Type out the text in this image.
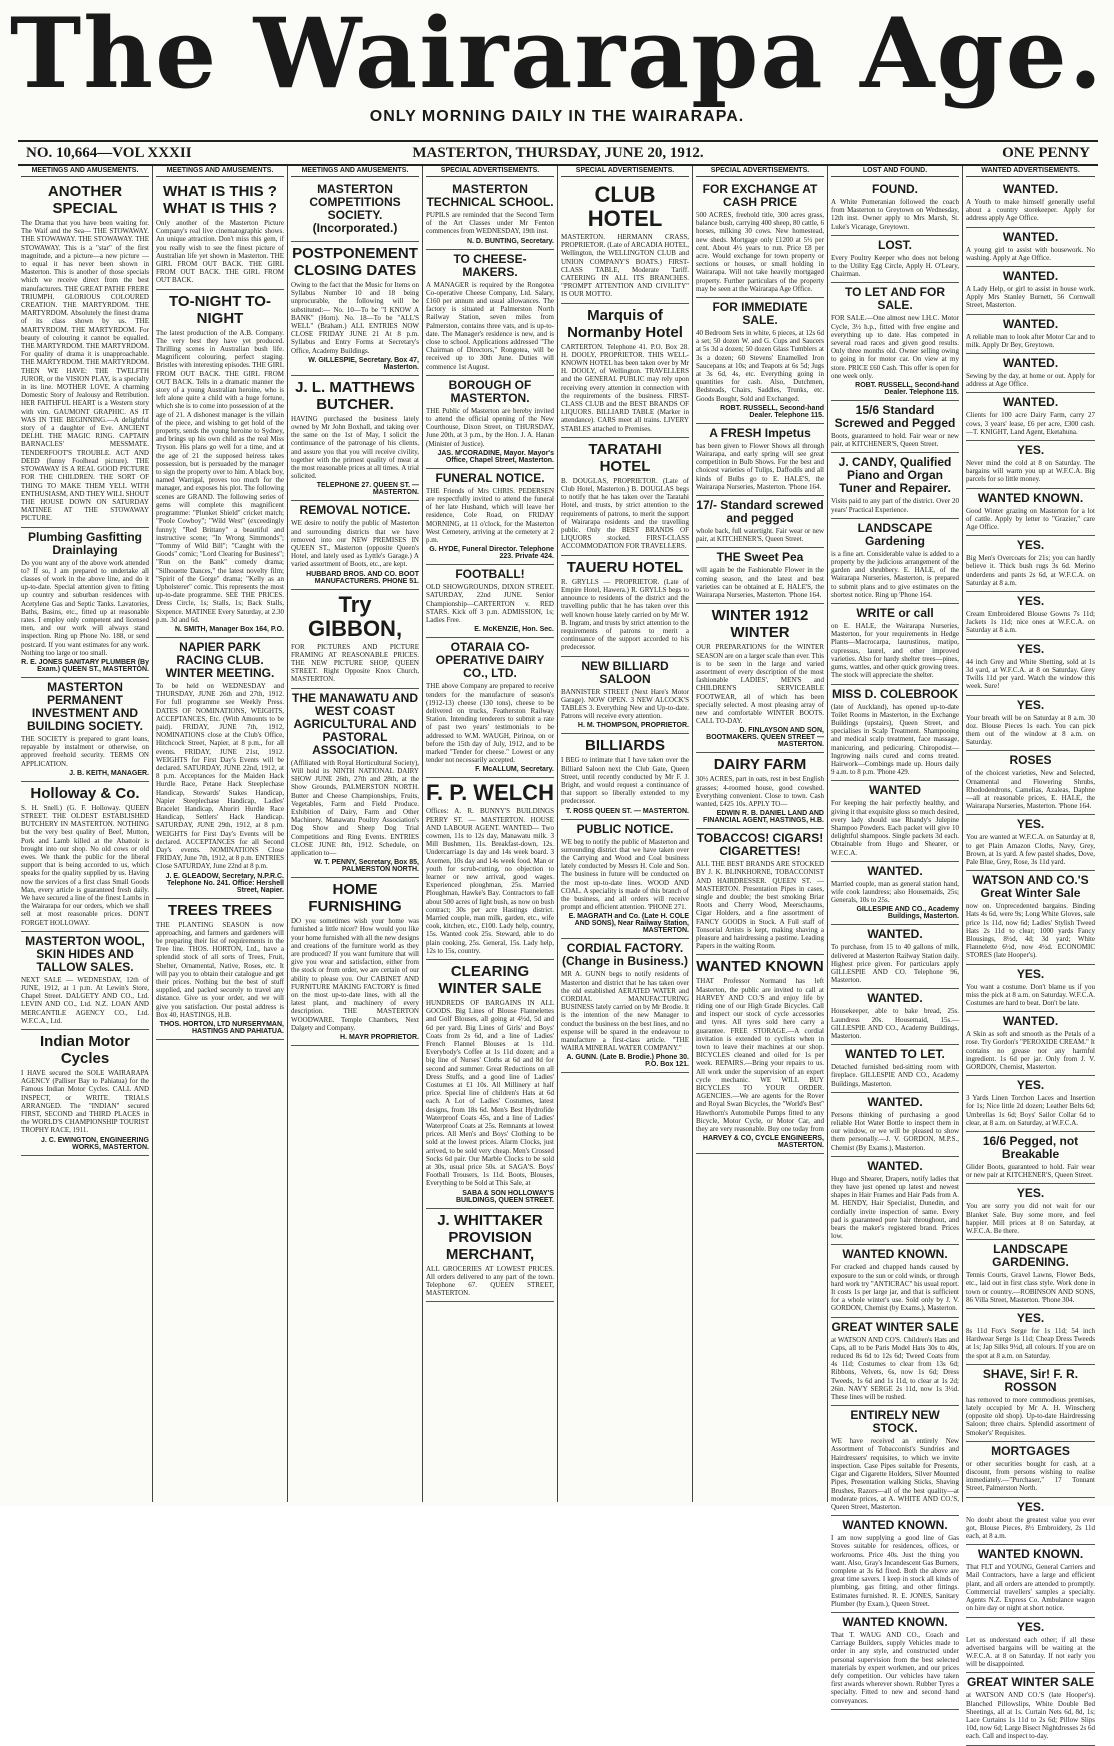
The Wairarapa Age.
ONLY MORNING DAILY IN THE WAIRARAPA.
MASTERTON, THURSDAY, JUNE 20, 1912.
NO. 10,664—VOL XXXII	ONE PENNY
MEETINGS AND AMUSEMENTS.
ANOTHER SPECIAL

The Drama that you have been waiting for. The Waif and the Sea— THE STOWAWAY. THE STOWAWAY. THE STOWAWAY. THE STOWAWAY. This is a "star" of the first magnitude, and a picture—a new picture —to equal it has never been shown in Masterton. This is another of those specials which we receive direct from the best manufacturers. THE GREAT PATHE FRERE TRIUMPH. GLORIOUS COLOURED CREATION. THE MARTYRDOM. THE MARTYRDOM. Absolutely the finest drama of its class shown by us. THE MARTYRDOM. THE MARTYRDOM. For beauty of colouring it cannot be equalled. THE MARTYRDOM. THE MARTYRDOM. For quality of drama it is unapproachable. THE MARTYRDOM. THE MARTYRDOM. THEN WE HAVE: THE TWELFTH JUROR, or the VISION PLAY, is a specialty in its line. MOTHER LOVE. A charming Domestic Story of Jealousy and Retribution. HER FAITHFUL HEART is a Western story with vim. GAUMONT GRAPHIC. AS IT WAS IN THE BEGINNING.—A delightful story of a daughter of Eve. ANCIENT DELHI. THE MAGIC RING. CAPTAIN BARNACLES' MESSMATE. TENDERFOOT'S TROUBLE. ACT AND DEED (funny Foolhead picture). THE STOWAWAY IS A REAL GOOD PICTURE FOR THE CHILDREN. THE SORT OF THING TO MAKE THEM YELL WITH ENTHUSIASM, AND THEY WILL SHOUT THE HOUSE DOWN ON SATURDAY MATINEE AT THE STOWAWAY PICTURE.

Plumbing Gasfitting Drainlaying

Do you want any of the above work attended to? If so, I am prepared to undertake all classes of work in the above line, and do it up-to-date. Special attention given to fitting up country and suburban residences with Acetylene Gas and Septic Tanks. Lavatories, Baths, Basins, etc., fitted up at reasonable rates. I employ only competent and licensed men, and our work will always stand inspection. Ring up Phone No. 188, or send postcard. If you want estimates for any work. Nothing too large or too small.

R. E. JONES SANITARY PLUMBER (By Exam.) QUEEN ST., MASTERTON.
MASTERTON PERMANENT INVESTMENT AND BUILDING SOCIETY.

THE SOCIETY is prepared to grant loans, repayable by instalment or otherwise, on approved freehold security. TERMS ON APPLICATION.

J. B. KEITH, MANAGER.
Holloway & Co.

S. H. Snell.) (G. F. Holloway. QUEEN STREET. THE OLDEST ESTABLISHED BUTCHERY IN MASTERTON. NOTHING but the very best quality of Beef, Mutton, Pork and Lamb killed at the Abattoir is brought into our shop. No old cows or old ewes. We thank the public for the liberal support that is being accorded to us, which speaks for the quality supplied by us. Having now the services of a first class Small Goods Man, every article is guaranteed fresh daily. We have secured a line of the finest Lambs in the Wairarapa for our orders, which we shall sell at most reasonable prices. DON'T FORGET HOLLOWAY.

MASTERTON WOOL, SKIN HIDES AND TALLOW SALES.

NEXT SALE — WEDNESDAY, 12th of JUNE, 1912, at 1 p.m. At Lewin's Store, Chapel Street. DALGETY AND CO., Ltd. LEVIN AND CO., Ltd. N.Z. LOAN AND MERCANTILE AGENCY CO., Ltd. W.F.C.A., Ltd.

Indian Motor Cycles

I HAVE secured the SOLE WAIRARAPA AGENCY (Palliser Bay to Pahiatua) for the Famous Indian Motor Cycles. CALL AND INSPECT, or WRITE. TRIALS ARRANGED. The "INDIAN" secured FIRST, SECOND and THIRD PLACES in the WORLD'S CHAMPIONSHIP TOURIST TROPHY RACE, 1911.

J. C. EWINGTON, ENGINEERING WORKS, MASTERTON.
MEETINGS AND AMUSEMENTS.
WHAT IS THIS ? WHAT IS THIS ?

Only another of the Masterton Picture Company's real live cinematographic shows. An unique attraction. Don't miss this gem, if you really wish to see the finest picture of Australian life yet shown in Masterton. THE GIRL FROM OUT BACK. THE GIRL FROM OUT BACK. THE GIRL FROM OUT BACK.

TO-NIGHT TO-NIGHT

The latest production of the A.B. Company. The very best they have yet produced. Thrilling scenes in Australian bush life. Magnificent colouring, perfect staging. Bristles with interesting episodes. THE GIRL FROM OUT BACK. THE GIRL FROM OUT BACK. Tells in a dramatic manner the story of a young Australian heroine, who is left alone quite a child with a huge fortune, which she is to come into possession of at the age of 21. A dishonest manager is the villain of the piece, and wishing to get hold of the property, sends the young heroine to Sydney, and brings up his own child as the real Miss Tryson. His plans go well for a time, and at the age of 21 the supposed heiress takes possession, but is persuaded by the manager to sign the property over to him. A black boy, named Warrigal, proves too much for the manager, and exposes his plot. The following scenes are GRAND. The following series of gems will complete this magnificent programme: "Plunket Shield" cricket match; "Poole Cowboy"; "Wild West" (exceedingly funny); "Red Brittany" a beautiful and instructive scene; "In Wrong Simmonds"; "Tommy of Wild Bill"; "Caught with the Goods" comic; "Lord Clearing for Business"; "Run on the Bank" comedy drama; "Silhouette Dances," the latest novelty film; "Spirit of the Gorge" drama; "Kelly as an Upholsterer" comic. This represents the most up-to-date programme. SEE THE PRICES. Dress Circle, 1s; Stalls, 1s; Back Stalls, Sixpence. MATINEE Every Saturday, at 2.30 p.m. 3d and 6d.

N. SMITH, Manager Box 164, P.O.
NAPIER PARK RACING CLUB. WINTER MEETING.

To be held on WEDNESDAY and THURSDAY, JUNE 26th and 27th, 1912. For full programme see Weekly Press. DATES OF NOMINATIONS, WEIGHTS, ACCEPTANCES, Etc. (With Amounts to be paid). FRIDAY, JUNE 7th, 1912, NOMINATIONS close at the Club's Office, Hitchcock Street, Napier, at 8 p.m., for all events. FRIDAY, JUNE 21st, 1912. WEIGHTS for First Day's Events will be declared. SATURDAY, JUNE 22nd, 1912, at 8 p.m. Acceptances for the Maiden Hack Hurdle Race, Petane Hack Steeplechase Handicap, Stewards' Stakes Handicap, Napier Steeplechase Handicap, Ladies' Bracelet Handicap, Ahuriri Hurdle Race Handicap, Settlers' Hack Handicap. SATURDAY, JUNE 29th, 1912, at 8 p.m. WEIGHTS for First Day's Events will be declared. ACCEPTANCES for all Second Day's events. NOMINATIONS Close FRIDAY, June 7th, 1912, at 8 p.m. ENTRIES Close SATURDAY, June 22nd at 8 p.m.

J. E. GLEADOW, Secretary, N.P.R.C. Telephone No. 241. Office: Hershell Street, Napier.
TREES TREES

THE PLANTING SEASON is now approaching, and farmers and gardeners will be preparing their list of requirements in the Tree line. THOS. HORTON, Ltd., have a splendid stock of all sorts of Trees, Fruit, Shelter, Ornamental, Native, Roses, etc. It will pay you to obtain their catalogue and get their prices. Nothing but the best of stuff supplied, and packed securely to travel any distance. Give us your order, and we will give you satisfaction. Our postal address is Box 40, HASTINGS, H.B.

THOS. HORTON, LTD NURSERYMAN, HASTINGS AND PAHIATUA.
MEETINGS AND AMUSEMENTS.
MASTERTON COMPETITIONS SOCIETY. (Incorporated.)
POSTPONEMENT CLOSING DATES

Owing to the fact that the Music for Items on Syllabus Number 10 and 18 being unprocurable, the following will be substituted:— No. 10—To be "I KNOW A BANK" (Horn). No. 18—To be "ALL'S WELL" (Braham.) ALL ENTRIES NOW CLOSE FRIDAY JUNE 21 At 8 p.m. Syllabus and Entry Forms at Secretary's Office, Academy Buildings.

W. GILLESPIE, Secretary. Box 47, Masterton.
J. L. MATTHEWS BUTCHER.

HAVING purchased the business lately owned by Mr John Boxhall, and taking over the same on the 1st of May, I solicit the continuance of the patronage of his clients, and assure you that you will receive civility, together with the primest quality of meat at the most reasonable prices at all times. A trial solicited.

TELEPHONE 27. QUEEN ST. — MASTERTON.
REMOVAL NOTICE.

WE desire to notify the public of Masterton and surrounding districts that we have removed into our NEW PREMISES IN QUEEN ST., Masterton (opposite Queen's Hotel, and lately used as Lyttle's Garage.) A varied assortment of Boots, etc., are kept.

HUBBARD BROS. AND CO. BOOT MANUFACTURERS. PHONE 51.
Try GIBBON,

FOR PICTURES AND PICTURE FRAMING AT REASONABLE PRICES. THE NEW PICTURE SHOP, QUEEN STREET. Right Opposite Knox Church, MASTERTON.

THE MANAWATU AND WEST COAST AGRICULTURAL AND PASTORAL ASSOCIATION.

(Affiliated with Royal Horticultural Society), Will hold its NINTH NATIONAL DAIRY SHOW JUNE 26th, 27th and 28th, at the Show Grounds, PALMERSTON NORTH. Butter and Cheese Championships, Fruits, Vegetables, Farm and Field Produce. Exhibition of Dairy, Farm and Other Machinery. Manawatu Poultry Association's Dog Show and Sheep Dog Trial Competitions and Ring Events. ENTRIES CLOSE JUNE 8th, 1912. Schedule, on application to—

W. T. PENNY, Secretary, Box 85, PALMERSTON NORTH.
HOME FURNISHING

DO you sometimes wish your home was furnished a little nicer? How would you like your home furnished with all the new designs and creations of the furniture world as they are produced? If you want furniture that will give you wear and satisfaction, either from the stock or from order, we are certain of our ability to please you. Our CABINET AND FURNITURE MAKING FACTORY is fitted on the most up-to-date lines, with all the latest plant, and machinery of every description. THE MASTERTON WOODWARE. Temple Chambers, Next Dalgety and Company.

H. MAYR PROPRIETOR.
SPECIAL ADVERTISEMENTS.
MASTERTON TECHNICAL SCHOOL.

PUPILS are reminded that the Second Term of the Art Classes under Mr Fenton commences from WEDNESDAY, 19th inst.

N. D. BUNTING, Secretary.
TO CHEESE-MAKERS.

A MANAGER is required by the Rongotea Co-operative Cheese Company, Ltd. Salary, £160 per annum and usual allowances. The factory is situated at Palmerston North Railway Station, seven miles from Palmerston, contains three vats, and is up-to-date. The Manager's residence is new, and is close to school. Applications addressed "The Chairman of Directors," Rongotea, will be received up to 30th June. Duties will commence 1st August.

BOROUGH OF MASTERTON.

THE Public of Masterton are hereby invited to attend the official opening of the New Courthouse, Dixon Street, on THURSDAY, June 20th, at 3 p.m., by the Hon. J. A. Hanan (Minister of Justice).

JAS. M'CORADINE, Mayor. Mayor's Office, Chapel Street, Masterton.
FUNERAL NOTICE.

THE Friends of Mrs CHRIS. PEDERSEN are respectfully invited to attend the funeral of her late Husband, which will leave her residence, Cole Road, on FRIDAY MORNING, at 11 o'clock, for the Masterton West Cemetery, arriving at the cemetery at 2 p.m.

G. HYDE, Funeral Director. Telephone 223. Private 424.
FOOTBALL!

OLD SHOWGROUNDS, DIXON STREET. SATURDAY, 22nd JUNE. Senior Championship—CARTERTON v. RED STARS. Kick off 3 p.m. ADMISSION, 1s; Ladies Free.

E. McKENZIE, Hon. Sec.
OTARAIA CO-OPERATIVE DAIRY CO., LTD.

THE above Company are prepared to receive tenders for the manufacture of season's (1912-13) cheese (130 tons), cheese to be delivered on trucks, Featherston Railway Station. Intending tenderers to submit a rate of past two years' testimonials to be addressed to W.M. WAUGH, Pirinoa, on or before the 15th day of July, 1912, and to be marked "Tender for cheese." Lowest or any tender not necessarily accepted.

F. McALLUM, Secretary.
F. P. WELCH

Offices: A. R. BUNNY'S BUILDINGS PERRY ST. — MASTERTON. HOUSE AND LABOUR AGENT. WANTED— Two cowmen, 11s to 12s day, Manawatu milk. 3 Mill Bushmen, 11s. Breakfast-down, 12s. Undercarriage 1s day and 14s week board. 3 Axemen, 10s day and 14s week food. Man or youth for scrub-cutting, no objection to learner or new arrival, good wages. Experienced ploughman, 25s. Married Ploughman, Hawke's Bay. Contractors to fall about 500 acres of light bush, as now on bush contract; 30s per acre Hastings district. Married couple, man milk, garden, etc., wife cook, kitchen, etc., £100. Lady help, country, 15s. Wanted cook 25s. Steward, able to do plain cooking, 25s. General, 15s. Lady help, 12s to 15s, country.

CLEARING WINTER SALE

HUNDREDS OF BARGAINS IN ALL GOODS. Big Lines of Blouse Flannelettes and Golf Blouses, all going at 4½d, 5d and 6d per yard. Big Lines of Girls' and Boys' Coats from 2s 6d, and a line of Ladies' French Flannel Blouses at 1s 11d. Everybody's Coffee at 1s 11d dozen; and a big line of Nurses' Cloths at 6d and 8d for second and summer. Great Reductions on all Dress Stuffs, and a good line of Ladies' Costumes at £1 10s. All Millinery at half price. Special line of children's Hats at 6d each. A Lot of Ladies' Costumes, latest designs, from 18s 6d. Men's Best Hydrofide Waterproof Coats 45s, and a line of Ladies' Waterproof Coats at 25s. Remnants at lowest prices. All Men's and Boys' Clothing to be sold at the lowest prices. Alarm Clocks, just arrived, to be sold very cheap. Men's Crossed Socks 6d pair. Our Marble Clocks to be sold at 30s, usual price 50s. at SAGA'S. Boys' Football Trousers, 1s 11d. Boots, Blouses, Everything to be Sold at This Sale, at

SABA & SON HOLLOWAY'S BUILDINGS, QUEEN STREET.
J. WHITTAKER PROVISION MERCHANT,

ALL GROCERIES AT LOWEST PRICES. All orders delivered to any part of the town. Telephone 67. QUEEN STREET, MASTERTON.

SPECIAL ADVERTISEMENTS.
CLUB HOTEL

MASTERTON. HERMANN CRASS, PROPRIETOR. (Late of ARCADIA HOTEL, Wellington, the WELLINGTON CLUB and UNION COMPANY'S BOATS.) FIRST-CLASS TABLE, Moderate Tariff. CATERING IN ALL ITS BRANCHES. "PROMPT ATTENTION AND CIVILITY" IS OUR MOTTO.

Marquis of Normanby Hotel

CARTERTON. Telephone 41. P.O. Box 28. H. DOOLY, PROPRIETOR. THIS WELL-KNOWN HOTEL has been taken over by Mr H. DOOLY, of Wellington. TRAVELLERS and the GENERAL PUBLIC may rely upon receiving every attention in connection with the requirements of the business. FIRST-CLASS CLUB and the BEST BRANDS OF LIQUORS. BILLIARD TABLE (Marker in attendance). CARS meet all trains. LIVERY STABLES attached to Premises.

TARATAHI HOTEL

B. DOUGLAS, PROPRIETOR. (Late of Club Hotel, Masterton.) B. DOUGLAS begs to notify that he has taken over the Taratahi Hotel, and trusts, by strict attention to the requirements of patrons, to merit the support of Wairarapa residents and the travelling public. Only the BEST BRANDS OF LIQUORS stocked. FIRST-CLASS ACCOMMODATION FOR TRAVELLERS.

TAUERU HOTEL

R. GRYLLS — PROPRIETOR. (Late of Empire Hotel, Hawera.) R. GRYLLS begs to announce to residents of the district and the travelling public that he has taken over this well known house lately carried on by Mr W. B. Ingram, and trusts by strict attention to the requirements of patrons to merit a continuance of the support accorded to his predecessor.

NEW BILLIARD SALOON

BANNISTER STREET (Next Hare's Motor Garage). NOW OPEN. 3 NEW ALCOCK'S TABLES 3. Everything New and Up-to-date. Patrons will receive every attention.

H. M. THOMPSON, PROPRIETOR.
BILLIARDS

I BEG to intimate that I have taken over the Billiard Saloon next the Club Gate, Queen Street, until recently conducted by Mr F. J. Bright, and would request a continuance of that support so liberally extended to my predecessor.

T. ROSS QUEEN ST. — MASTERTON.
PUBLIC NOTICE.

WE beg to notify the public of Masterton and surrounding district that we have taken over the Carrying and Wood and Coal business lately conducted by Messrs H. Cole and Son. The business in future will be conducted on the most up-to-date lines. WOOD AND COAL. A speciality is made of this branch of the business, and all orders will receive prompt and efficient attention. 'PHONE 271.

E. MAGRATH and Co. (Late H. COLE AND SONS), Near Railway Station, MASTERTON.
CORDIAL FACTORY. (Change in Business.)

MR A. GUNN begs to notify residents of Masterton and district that he has taken over the old established AERATED WATER and CORDIAL MANUFACTURING BUSINESS lately carried on by Mr Brodie. It is the intention of the new Manager to conduct the business on the best lines, and no expense will be spared in the endeavour to manufacture a first-class article. "THE WAIRA MINERAL WATER COMPANY."

A. GUNN. (Late B. Brodie.) Phone 30. P.O. Box 121.
SPECIAL ADVERTISEMENTS.
FOR EXCHANGE AT CASH PRICE

500 ACRES, freehold title, 300 acres grass, balance bush, carrying 400 sheep, 80 cattle, 6 horses, milking 30 cows. New homestead, new sheds. Mortgage only £1200 at 5½ per cent. About 4½ years to run. Price £8 per acre. Would exchange for town property or sections or houses, or small holding in Wairarapa. Will not take heavily mortgaged property. Further particulars of the property may be seen at the Wairarapa Age Office.

FOR IMMEDIATE SALE.

40 Bedroom Sets in white, 6 pieces, at 12s 6d a set; 50 dozen W. and G. Cups and Saucers at 5s 3d a dozen; 50 dozen Glass Tumblers at 3s a dozen; 60 Stevens' Enamelled Iron Saucepans at 10s; and Teapots at 6s 5d; Jugs at 3s 6d, 4s, etc. Everything going in quantities for cash. Also, Dutchmen, Bedsteads, Chairs, Saddles, Trunks, etc. Goods Bought, Sold and Exchanged.

ROBT. RUSSELL, Second-hand Dealer. Telephone 115.
A FRESH Impetus

has been given to Flower Shows all through Wairarapa, and early spring will see great competition in Bulb Shows. For the best and choicest varieties of Tulips, Daffodils and all kinds of Bulbs go to E. HALE'S, the Wairarapa Nurseries, Masterton. 'Phone 164.

17/- Standard screwed and pegged

whole back, full watertight. Fair wear or new pair, at KITCHENER'S, Queen Street.

THE Sweet Pea

will again be the Fashionable Flower in the coming season, and the latest and best varieties can be obtained at E. HALE'S, the Wairarapa Nurseries, Masterton. 'Phone 164.

WINTER 1912 WINTER

OUR PREPARATIONS for the WINTER SEASON are on a larger scale than ever. This is to be seen in the large and varied assortment of every description of the most fashionable LADIES', MEN'S and CHILDREN'S SERVICEABLE FOOTWEAR, all of which has been specially selected. A most pleasing array of new and comfortable WINTER BOOTS. CALL TO-DAY.

D. FINLAYSON AND SON, BOOTMAKERS. QUEEN STREET — MASTERTON.
DAIRY FARM

30½ ACRES, part in oats, rest in best English grasses; 4-roomed house, good cowshed. Everything convenient. Close to town. Cash wanted, £425 10s. APPLY TO—

EDWIN R. B. DANIEL LAND AND FINANCIAL AGENT, HASTINGS, H.B.
TOBACCOS! CIGARS! CIGARETTES!

ALL THE BEST BRANDS ARE STOCKED BY J. K. BLINKHORNE, TOBACCONIST AND HAIRDRESSER. QUEEN ST. — MASTERTON. Presentation Pipes in cases, single and double; the best smoking Briar Roots and Cherry Wood, Meerschaums, Cigar Holders, and a fine assortment of FANCY GOODS in Stock. A Full staff of Tonsorial Artists is kept, making shaving a pleasure and hairdressing a pastime. Leading Papers in the waiting Room.

WANTED KNOWN

THAT Professor Normand has left Masterton, the public are invited to call at HARVEY AND CO.'S and enjoy life by riding one of our High Grade Bicycles. Call and inspect our stock of cycle accessories and tyres. All tyres sold here carry a guarantee. FREE STORAGE.—A cordial invitation is extended to cyclists when in town to leave their machines at our shop. BICYCLES cleaned and oiled for 1s per week. REPAIRS.—Bring your repairs to us. All work under the supervision of an expert cycle mechanic. WE WILL BUY BICYCLES TO YOUR ORDER. AGENCIES.—We are agents for the Rover and Royal Swan Bicycles, the "World's Best" Hawthorn's Automobile Pumps fitted to any Bicycle, Motor Cycle, or Motor Car, and they are very reasonable. Buy one today from

HARVEY & CO, CYCLE ENGINEERS, MASTERTON.
LOST AND FOUND.
FOUND.

A White Pomeranian followed the coach from Masterton to Greytown on Wednesday, 12th inst. Owner apply to Mrs Marsh, St. Luke's Vicarage, Greytown.

LOST.

Every Poultry Keeper who does not belong to the Utility Egg Circle, Apply H. O'Leary, Chairman.

TO LET AND FOR SALE.

FOR SALE.—One almost new I.H.C. Motor Cycle, 3½ h.p., fitted with free engine and everything up to date. Has competed in several road races and given good results. Only three months old. Owner selling owing to going in for motor car. On view at my store. PRICE £60 Cash. This offer is open for one week only.

ROBT. RUSSELL, Second-hand Dealer. Telephone 115.
15/6 Standard Screwed and Pegged

Boots, guaranteed to hold. Fair wear or new pair, at KITCHENER'S, Queen Street.

J. CANDY, Qualified Piano and Organ Tuner and Repairer.

Visits paid to any part of the district. Over 20 years' Practical Experience.

LANDSCAPE Gardening

is a fine art. Considerable value is added to a property by the judicious arrangement of the garden and shrubbery. E. HALE, of the Wairarapa Nurseries, Masterton, is prepared to submit plans and to give estimates on the shortest notice. Ring up 'Phone 164.

WRITE or call

on E. HALE, the Wairarapa Nurseries, Masterton, for your requirements in Hedge Plants—Macrocarpa, laurustinus, matipo, cupressus, laurel, and other improved varieties. Also for hardy shelter trees—pines, gums, wattles, and other quick growing trees. The stock will appreciate the shelter.

MISS D. COLEBROOK

(late of Auckland), has opened up-to-date Toilet Rooms in Masterton, in the Exchange Buildings (upstairs), Queen Street, and specialises in Scalp Treatment. Shampooing and medical scalp treatment, face massage, manicuring, and pedicuring. Chiropodist—Ingrowing nails cured and corns treated. Hairwork—Combings made up. Hours daily 9 a.m. to 8 p.m. 'Phone 429.

WANTED

For keeping the hair perfectly healthy, and giving it that exquisite gloss so much desired, every lady should use Rhandy's Julepine Shampoo Powders. Each packet will give 10 delightful shampoos. Single packets 3d each. Obtainable from Hugo and Shearer, or W.F.C.A.

WANTED.

Married couple, man as general station hand, wife cook laundress; also Housemaids, 25s; Generals, 10s to 25s.

GILLESPIE AND CO., Academy Buildings, Masterton.
WANTED.

To purchase, from 15 to 40 gallons of milk, delivered at Masterton Railway Station daily. Highest price given. For particulars apply GILLESPIE AND CO. Telephone 96, Masterton.

WANTED.

Housekeeper, able to bake bread, 25s. Laundress 20s. Housemaid, 15s.—GILLESPIE AND CO., Academy Buildings, Masterton.

WANTED TO LET.

Detached furnished bed-sitting room with fireplace. GILLESPIE AND CO., Academy Buildings, Masterton.

WANTED.

Persons thinking of purchasing a good reliable Hot Water Bottle to inspect them in our window, or we will be pleased to show them personally.—J. V. GORDON, M.P.S., Chemist (By Exams.), Masterton.

WANTED.

Hugo and Shearer, Drapers, notify ladies that they have just opened up latest and newest shapes in Hair Frames and Hair Pads from A. M. HENDY, Hair Specialist, Dunedin, and cordially invite inspection of same. Every pad is guaranteed pure hair throughout, and bears the maker's registered brand. Prices low.

WANTED KNOWN.

For cracked and chapped hands caused by exposure to the sun or cold winds, or through hard work try "ANTICRAC" his usual report. It costs 1s per large jar, and that is sufficient for a whole winter's use. Sold only by J. V. GORDON, Chemist (by Exams.), Masterton.

GREAT WINTER SALE

at WATSON AND CO'S. Children's Hats and Caps, all to be Paris Model Hats 30s to 40s, reduced 8s 6d to 12s 6d; Tweed Coats from 4s 11d; Costumes to clear from 13s 6d; Ribbons, Velvets, 6s, now 1s 6d; Dress Tweeds, 1s 6d and 1s 11d, to clear at 1s 2d; 26in. NAVY SERGE 2s 11d, now 1s 3½d. These lines will be rushed.

ENTIRELY NEW STOCK.

WE have received an entirely New Assortment of Tobacconist's Sundries and Hairdressers' requisites, to which we invite inspection. Case Pipes suitable for Presents, Cigar and Cigarette Holders, Silver Mounted Pipes, Presentation walking Sticks, Shaving Brushes, Razors—all of the best quality—at moderate prices, at A. WHITE AND CO.'S, Queen Street, Masterton.

WANTED KNOWN.

I am now supplying a good line of Gas Stoves suitable for residences, offices, or workrooms. Price 40s. Just the thing you want. Also, Gray's Incandescent Gas Burners, complete at 3s 6d fixed. Both the above are great time savers. I keep in stock all kinds of plumbing, gas fitting, and other fittings. Estimates furnished. R. E. JONES, Sanitary Plumber (by Exam.), Queen Street.

WANTED KNOWN.

That T. WAUG AND CO., Coach and Carriage Builders, supply Vehicles made to order in any style, and constructed under personal supervision from the best selected materials by expert workmen, and our prices defy competition. Our vehicles have taken first awards wherever shown. Rubber Tyres a specialty. Fitted to new and second hand conveyances.

WANTED ADVERTISEMENTS.
WANTED.

A Youth to make himself generally useful about a country storekeeper. Apply for address apply Age Office.

WANTED.

A young girl to assist with housework. No washing. Apply at Age Office.

WANTED.

A Lady Help, or girl to assist in house work. Apply Mrs Stanley Burnett, 56 Cornwall Street, Masterton.

WANTED.

A reliable man to look after Motor Car and to milk. Apply Dr Bey, Greytown.

WANTED.

Sewing by the day, at home or out. Apply for address at Age Office.

WANTED.

Clients for 100 acre Dairy Farm, carry 27 cows, 3 years' lease, £6 per acre, £300 cash.—T. KNIGHT, Land Agent, Eketahuna.

YES.

Never mind the cold at 8 on Saturday. The bargains will warm you up at W.F.C.A. Big parcels for so little money.

WANTED KNOWN.

Good Winter grazing on Masterton for a lot of cattle. Apply by letter to "Grazier," care Age Office.

YES.

Big Men's Overcoats for 21s; you can hardly believe it. Thick bush rugs 3s 6d. Merino underdens and pants 2s 6d, at W.F.C.A. on Saturday at 8 a.m.

YES.

Cream Embroidered Blouse Gowns 7s 11d; Jackets 1s 11d; nice ones at W.F.C.A. on Saturday at 8 a.m.

YES.

44 inch Grey and White Shetting, sold at 1s 3d yard, at W.F.C.A. at 8 on Saturday. Grey Twills 11d per yard. Watch the window this week. Sure!

YES.

Your breath will be on Saturday at 8 a.m. 30 doz. Blouse Pieces 1s each. You can pick them out of the window at 8 a.m. on Saturday.

ROSES

of the choicest varieties, New and Selected, Ornamental and Flowering Shrubs, Rhododendrons, Camelias, Azaleas, Daphne—all at reasonable prices, E. HALE, the Wairarapa Nurseries, Masterton. 'Phone 164.

YES.

You are wanted at W.F.C.A. on Saturday at 8, to get Plain Amazon Cloths, Navy, Grey, Brown, at 1s yard. A few pastel shades, Dove, Pale Blue, Grey, Rose, 3s 11d yard.

WATSON AND CO.'S Great Winter Sale

now on. Unprecedented bargains. Binding Hats 4s 6d, were 9s; Long White Gloves, sale price 1s 11d, now 6d; Ladies' Stylish Tweed Hats 2s 11d to clear; 1000 yards Fancy Blousings, 8½d, 4d; 3d yard; White Flannelette 6½d, now 4½d. ECONOMIC STORES (late Hooper's).

YES.

You want a costume. Don't blame us if you miss the pick at 8 a.m. on Saturday. W.F.C.A. Costumes are hard to beat. Don't be late.

WANTED.

A Skin as soft and smooth as the Petals of a rose. Try Gordon's "PEROXIDE CREAM." It contains no grease nor any harmful ingredient. 1s 6d per jar. Only from J. V. GORDON, Chemist, Masterton.

YES.

3 Yards Linen Torchon Laces and Insertion for 1s; Nice little 2d dozen; Leather Belts 6d; Umbrellas 1s 6d; Boys' Sailor Collar 6d to clear, at 8 a.m. on Saturday, at W.F.C.A.

16/6 Pegged, not Breakable

Glider Boots, guaranteed to hold. Fair wear or new pair at KITCHENER'S, Queen Street.

YES.

You are sorry you did not wait for our Blanket Sale. Buy some more, and feel happier. Mill prices at 8 on Saturday, at W.F.C.A. Be there.

LANDSCAPE GARDENING.

Tennis Courts, Gravel Lawns, Flower Beds, etc., laid out in first class style. Work done in town or country.—ROBINSON AND SONS, 86 Villa Street, Masterton. 'Phone 304.

YES.

8s 11d Fox's Serge for 1s 11d; 54 inch Hardwear Serge 1s 11d; Cheap Dress Tweeds at 1s; Jap Silks 9½d, all colours. If you are on the spot at 8 a.m. on Saturday.

SHAVE, Sir! F. R. ROSSON

has removed to more commodious premises, lately occupied by Mr A. H. Winscherg (opposite old shop). Up-to-date Hairdressing Saloon; three chairs. Splendid assortment of Smoker's' Requisites.

MORTGAGES

or other securities bought for cash, at a discount, from persons wishing to realise immediately.—"Purchaser," 17 Tonnant Street, Palmerston North.

YES.

No doubt about the greatest value you ever got, Blouse Pieces, 8½ Embroidery, 2s 11d each, at 8 a.m.

WANTED KNOWN.

That FLT and YOUNG, General Carriers and Mail Contractors, have a large and efficient plant, and all orders are attended to promptly. Commercial travellers' samples a specialty. Agents N.Z. Express Co. Ambulance wagon on hire day or night at short notice.

YES.

Let us understand each other; if all these advertised bargains will be waiting at the W.F.C.A. at 8 on Saturday. If not early you will be disappointed.

GREAT WINTER SALE

at WATSON AND CO.'S (late Hooper's). Blanched Pillowslips, White Double Bed Sheetings, all at 1s. Curtain Nets 6d, 8d, 1s; Lace Curtains 1s 11d to 2s 6d; Pillow Slips 10d, now 6d; Large Bisect Nightdresses 2s 6d each. Call and inspect to-day.
